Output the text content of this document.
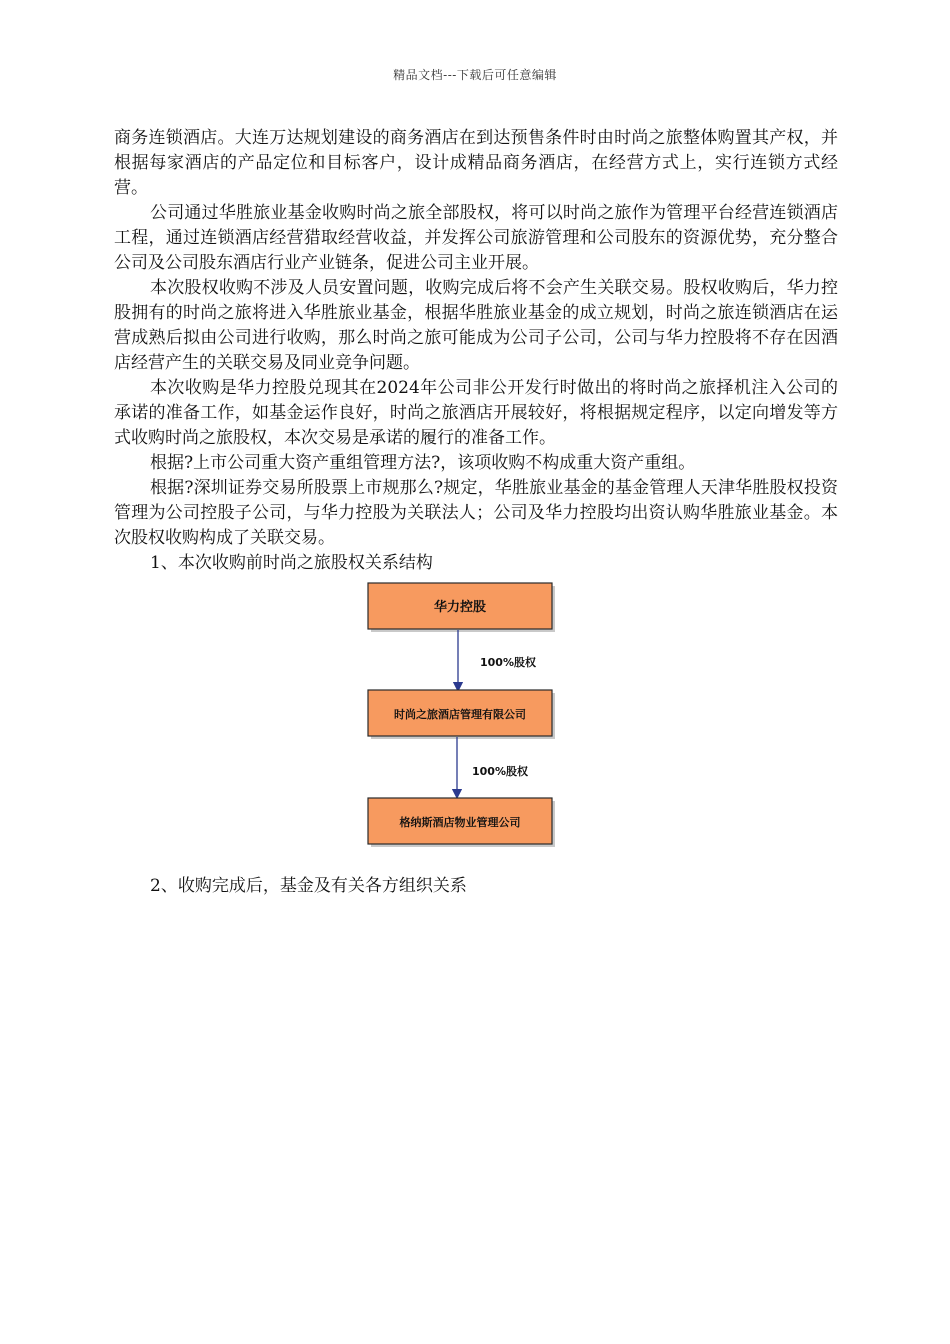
精品文档---下载后可任意编辑

商务连锁酒店。大连万达规划建设的商务酒店在到达预售条件时由时尚之旅整体购置其产权，并根据每家酒店的产品定位和目标客户，设计成精品商务酒店，在经营方式上，实行连锁方式经营。

公司通过华胜旅业基金收购时尚之旅全部股权，将可以时尚之旅作为管理平台经营连锁酒店工程，通过连锁酒店经营猎取经营收益，并发挥公司旅游管理和公司股东的资源优势，充分整合公司及公司股东酒店行业产业链条，促进公司主业开展。

本次股权收购不涉及人员安置问题，收购完成后将不会产生关联交易。股权收购后，华力控股拥有的时尚之旅将进入华胜旅业基金，根据华胜旅业基金的成立规划，时尚之旅连锁酒店在运营成熟后拟由公司进行收购，那么时尚之旅可能成为公司子公司，公司与华力控股将不存在因酒店经营产生的关联交易及同业竞争问题。

本次收购是华力控股兑现其在2024年公司非公开发行时做出的将时尚之旅择机注入公司的承诺的准备工作，如基金运作良好，时尚之旅酒店开展较好，将根据规定程序，以定向增发等方式收购时尚之旅股权，本次交易是承诺的履行的准备工作。

根据?上市公司重大资产重组管理方法?，该项收购不构成重大资产重组。

根据?深圳证券交易所股票上市规那么?规定，华胜旅业基金的基金管理人天津华胜股权投资管理为公司控股子公司，与华力控股为关联法人；公司及华力控股均出资认购华胜旅业基金。本次股权收购构成了关联交易。

1、本次收购前时尚之旅股权关系结构

华力控股
100%股权
时尚之旅酒店管理有限公司
100%股权
格纳斯酒店物业管理公司
2、收购完成后，基金及有关各方组织关系
